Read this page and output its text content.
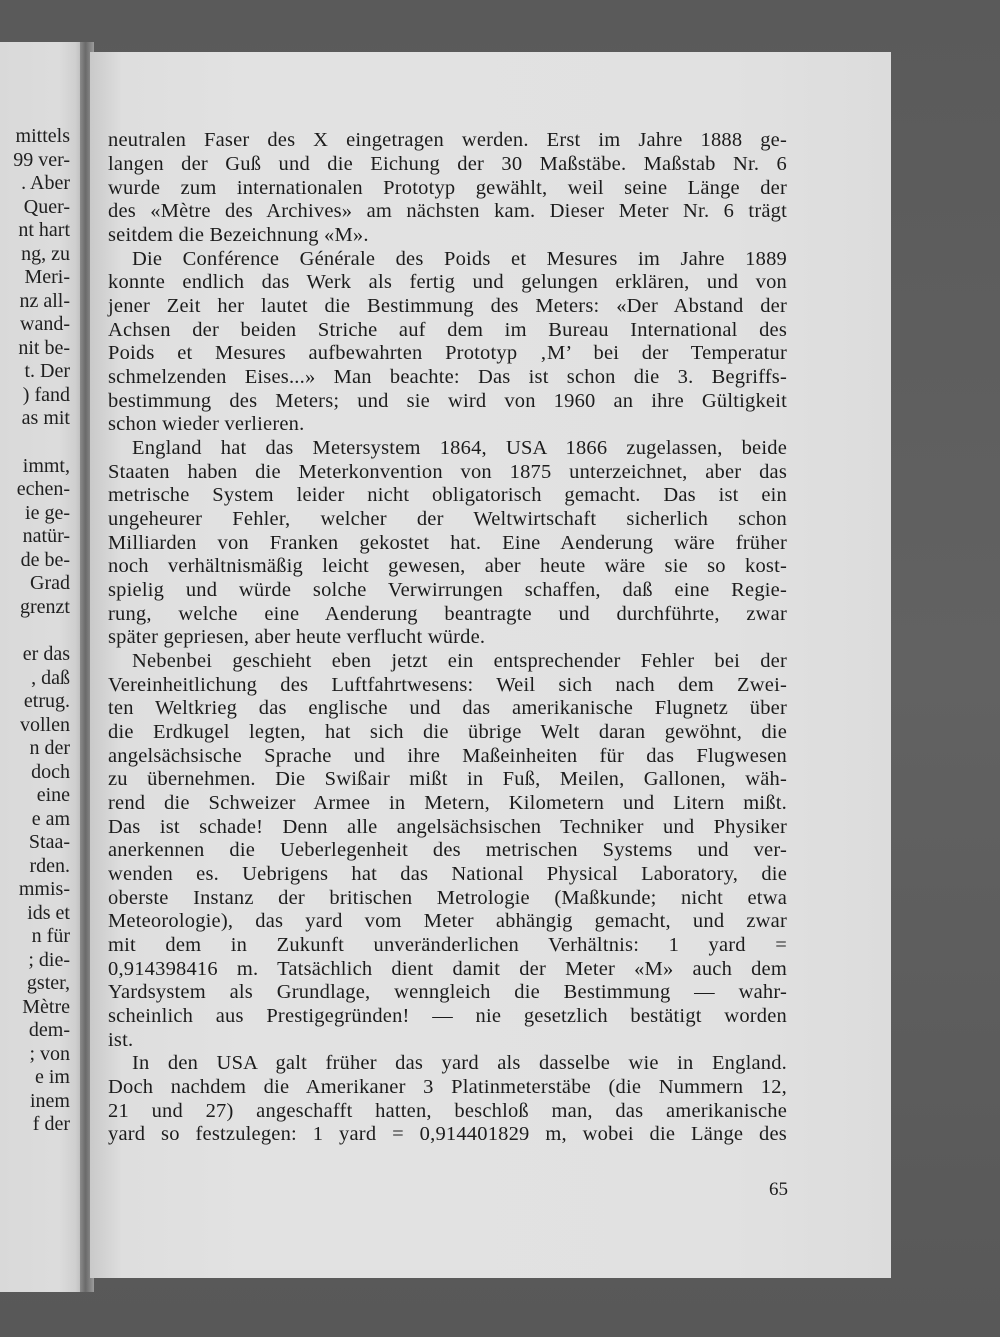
mittels
99 ver-
. Aber
Quer-
nt hart
ng, zu
Meri-
nz all-
wand-
nit be-
t. Der
) fand
as mit
immt,
echen-
ie ge-
natür-
de be-
Grad
grenzt
er das
, daß
etrug.
vollen
n der
doch
eine
e am
Staa-
rden.
mmis-
ids et
n für
; die-
gster,
Mètre
dem-
; von
e im
inem
f der
neutralen Faser des X eingetragen werden. Erst im Jahre 1888 ge-
langen der Guß und die Eichung der 30 Maßstäbe. Maßstab Nr. 6
wurde zum internationalen Prototyp gewählt, weil seine Länge der
des «Mètre des Archives» am nächsten kam. Dieser Meter Nr. 6 trägt
seitdem die Bezeichnung «M».
Die Conférence Générale des Poids et Mesures im Jahre 1889
konnte endlich das Werk als fertig und gelungen erklären, und von
jener Zeit her lautet die Bestimmung des Meters: «Der Abstand der
Achsen der beiden Striche auf dem im Bureau International des
Poids et Mesures aufbewahrten Prototyp ‚M’ bei der Temperatur
schmelzenden Eises...» Man beachte: Das ist schon die 3. Begriffs-
bestimmung des Meters; und sie wird von 1960 an ihre Gültigkeit
schon wieder verlieren.
England hat das Metersystem 1864, USA 1866 zugelassen, beide
Staaten haben die Meterkonvention von 1875 unterzeichnet, aber das
metrische System leider nicht obligatorisch gemacht. Das ist ein
ungeheurer Fehler, welcher der Weltwirtschaft sicherlich schon
Milliarden von Franken gekostet hat. Eine Aenderung wäre früher
noch verhältnismäßig leicht gewesen, aber heute wäre sie so kost-
spielig und würde solche Verwirrungen schaffen, daß eine Regie-
rung, welche eine Aenderung beantragte und durchführte, zwar
später gepriesen, aber heute verflucht würde.
Nebenbei geschieht eben jetzt ein entsprechender Fehler bei der
Vereinheitlichung des Luftfahrtwesens: Weil sich nach dem Zwei-
ten Weltkrieg das englische und das amerikanische Flugnetz über
die Erdkugel legten, hat sich die übrige Welt daran gewöhnt, die
angelsächsische Sprache und ihre Maßeinheiten für das Flugwesen
zu übernehmen. Die Swißair mißt in Fuß, Meilen, Gallonen, wäh-
rend die Schweizer Armee in Metern, Kilometern und Litern mißt.
Das ist schade! Denn alle angelsächsischen Techniker und Physiker
anerkennen die Ueberlegenheit des metrischen Systems und ver-
wenden es. Uebrigens hat das National Physical Laboratory, die
oberste Instanz der britischen Metrologie (Maßkunde; nicht etwa
Meteorologie), das yard vom Meter abhängig gemacht, und zwar
mit dem in Zukunft unveränderlichen Verhältnis: 1 yard =
0,914398416 m. Tatsächlich dient damit der Meter «M» auch dem
Yardsystem als Grundlage, wenngleich die Bestimmung — wahr-
scheinlich aus Prestigegründen! — nie gesetzlich bestätigt worden
ist.
In den USA galt früher das yard als dasselbe wie in England.
Doch nachdem die Amerikaner 3 Platinmeterstäbe (die Nummern 12,
21 und 27) angeschafft hatten, beschloß man, das amerikanische
yard so festzulegen: 1 yard = 0,914401829 m, wobei die Länge des
65
